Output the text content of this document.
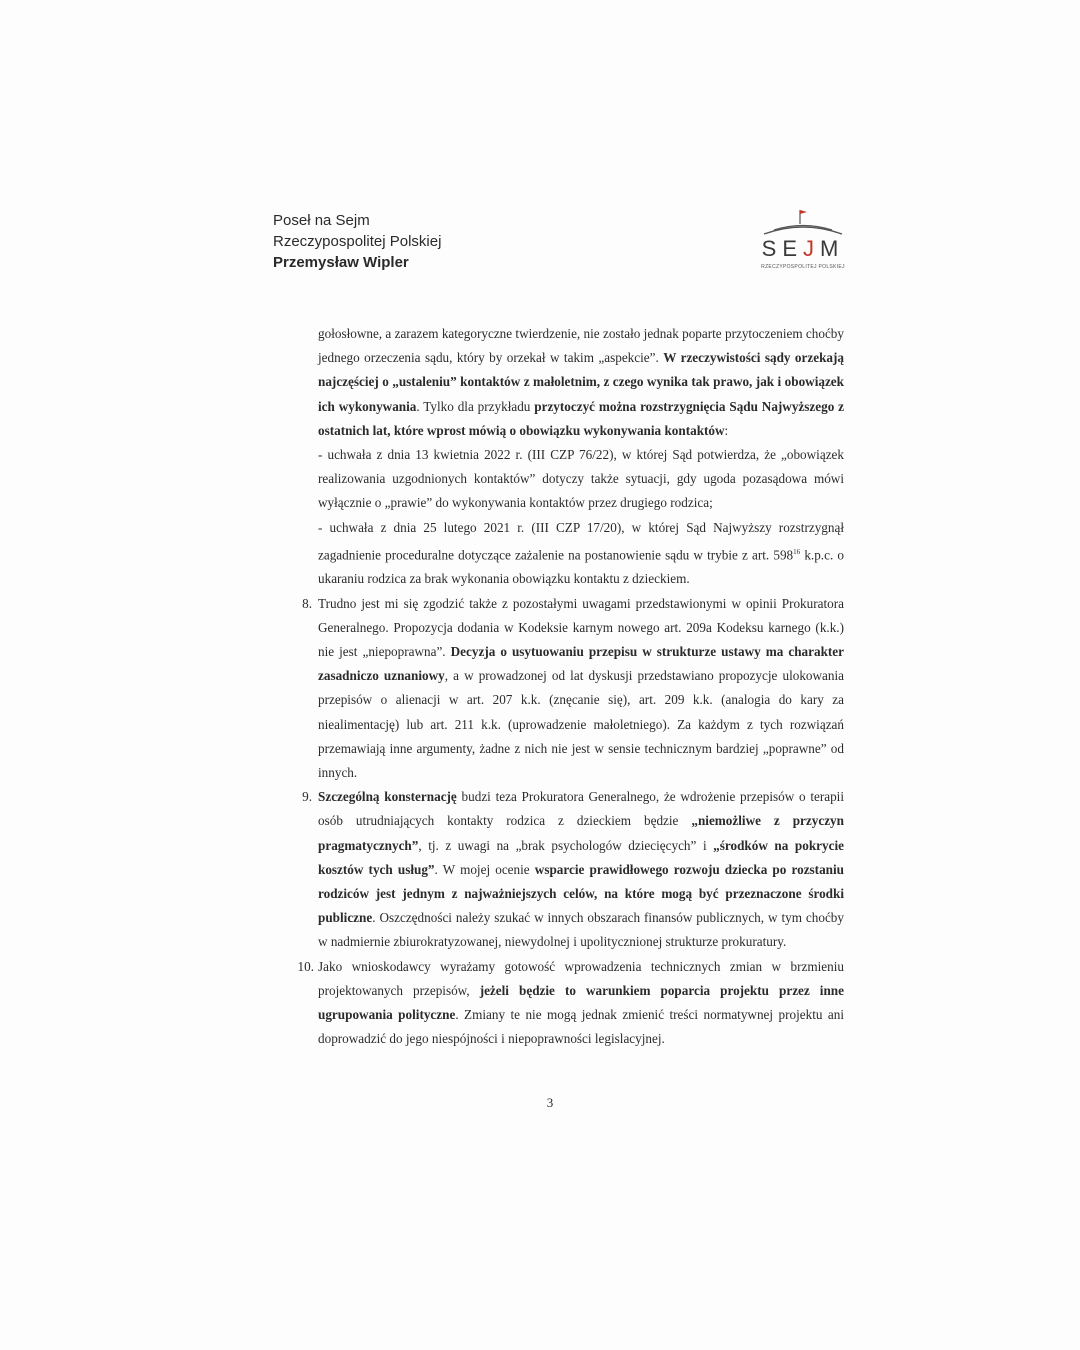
Poseł na Sejm
Rzeczypospolitej Polskiej
Przemysław Wipler
SEJM
RZECZYPOSPOLITEJ POLSKIEJ

gołosłowne, a zarazem kategoryczne twierdzenie, nie zostało jednak poparte przytoczeniem choćby jednego orzeczenia sądu, który by orzekał w takim „aspekcie”. W rzeczywistości sądy orzekają najczęściej o „ustaleniu” kontaktów z małoletnim, z czego wynika tak prawo, jak i obowiązek ich wykonywania. Tylko dla przykładu przytoczyć można rozstrzygnięcia Sądu Najwyższego z ostatnich lat, które wprost mówią o obowiązku wykonywania kontaktów:

- uchwała z dnia 13 kwietnia 2022 r. (III CZP 76/22), w której Sąd potwierdza, że „obowiązek realizowania uzgodnionych kontaktów” dotyczy także sytuacji, gdy ugoda pozasądowa mówi wyłącznie o „prawie” do wykonywania kontaktów przez drugiego rodzica;

- uchwała z dnia 25 lutego 2021 r. (III CZP 17/20), w której Sąd Najwyższy rozstrzygnął zagadnienie proceduralne dotyczące zażalenie na postanowienie sądu w trybie z art. $598^{16}$ k.p.c. o ukaraniu rodzica za brak wykonania obowiązku kontaktu z dzieckiem.

8. Trudno jest mi się zgodzić także z pozostałymi uwagami przedstawionymi w opinii Prokuratora Generalnego. Propozycja dodania w Kodeksie karnym nowego art. 209a Kodeksu karnego (k.k.) nie jest „niepoprawna”. Decyzja o usytuowaniu przepisu w strukturze ustawy ma charakter zasadniczo uznaniowy, a w prowadzonej od lat dyskusji przedstawiano propozycje ulokowania przepisów o alienacji w art. 207 k.k. (znęcanie się), art. 209 k.k. (analogia do kary za niealimentację) lub art. 211 k.k. (uprowadzenie małoletniego). Za każdym z tych rozwiązań przemawiają inne argumenty, żadne z nich nie jest w sensie technicznym bardziej „poprawne” od innych.

9. Szczególną konsternację budzi teza Prokuratora Generalnego, że wdrożenie przepisów o terapii osób utrudniających kontakty rodzica z dzieckiem będzie „niemożliwe z przyczyn pragmatycznych”, tj. z uwagi na „brak psychologów dziecięcych” i „środków na pokrycie kosztów tych usług”. W mojej ocenie wsparcie prawidłowego rozwoju dziecka po rozstaniu rodziców jest jednym z najważniejszych celów, na które mogą być przeznaczone środki publiczne. Oszczędności należy szukać w innych obszarach finansów publicznych, w tym choćby w nadmiernie zbiurokratyzowanej, niewydolnej i upolitycznionej strukturze prokuratury.

10. Jako wnioskodawcy wyrażamy gotowość wprowadzenia technicznych zmian w brzmieniu projektowanych przepisów, jeżeli będzie to warunkiem poparcia projektu przez inne ugrupowania polityczne. Zmiany te nie mogą jednak zmienić treści normatywnej projektu ani doprowadzić do jego niespójności i niepoprawności legislacyjnej.

3
